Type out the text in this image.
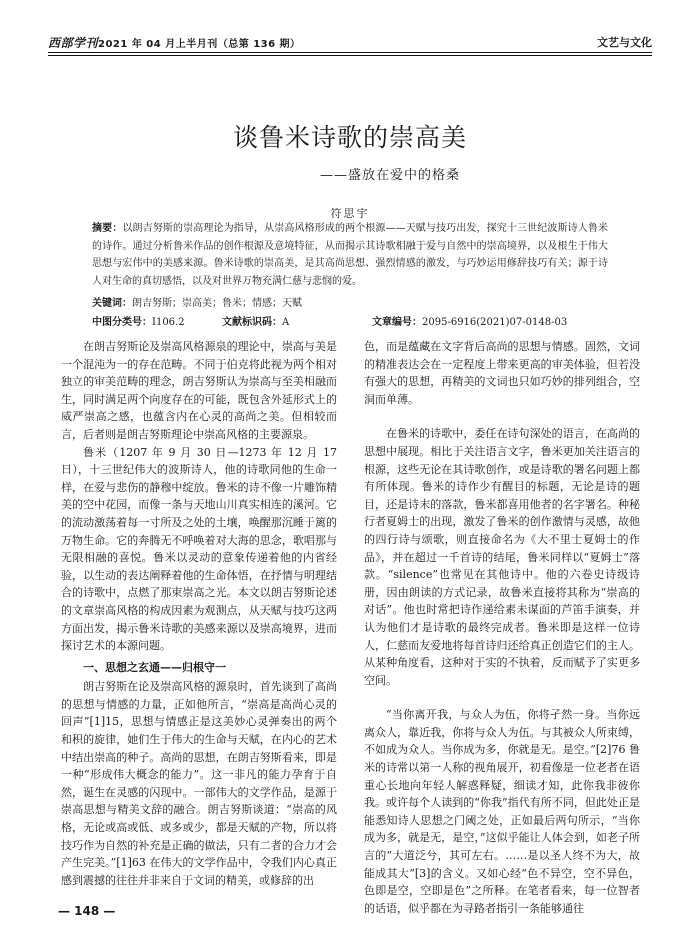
西部学刊2021 年 04 月上半月刊（总第 136 期）	文艺与文化
谈鲁米诗歌的崇高美
——盛放在爱中的格桑
符思宇
摘要：以朗吉努斯的崇高理论为指导，从崇高风格形成的两个根源——天赋与技巧出发，探究十三世纪波斯诗人鲁米的诗作。通过分析鲁米作品的创作根源及意境特征，从而揭示其诗歌相融于爱与自然中的崇高境界，以及根生于伟大思想与宏伟中的美感来源。鲁米诗歌的崇高美，是其高尚思想、强烈情感的激发，与巧妙运用修辞技巧有关；源于诗人对生命的真切感悟，以及对世界万物充满仁慈与悲悯的爱。
关键词：朗吉努斯；崇高美；鲁米；情感；天赋
中图分类号：I106.2	文献标识码：A	文章编号：2095-6916(2021)07-0148-03

在朗吉努斯论及崇高风格源泉的理论中，崇高与美是一个混沌为一的存在范畴。不同于伯克将此视为两个相对独立的审美范畴的理念，朗吉努斯认为崇高与至美相融而生，同时满足两个向度存在的可能，既包含外延形式上的威严崇高之感，也蕴含内在心灵的高尚之美。但相较而言，后者则是朗吉努斯理论中崇高风格的主要源泉。

鲁米（1207 年 9 月 30 日—1273 年 12 月 17 日），十三世纪伟大的波斯诗人，他的诗歌同他的生命一样，在爱与悲伤的静穆中绽放。鲁米的诗不像一片雕饰精美的空中花园，而像一条与天地山川真实相连的溪河。它的流动激荡着每一寸所及之处的土壤，唤醒那沉睡于篱的万物生命。它的奔腾无不呼唤着对大海的思念，歌唱那与无限相融的喜悦。鲁米以灵动的意象传递着他的内省经验，以生动的表达阐释着他的生命体悟，在抒情与明理结合的诗歌中，点燃了那束崇高之光。本文以朗吉努斯论述的文章崇高风格的构成因素为观测点，从天赋与技巧这两方面出发，揭示鲁米诗歌的美感来源以及崇高境界，进而探讨艺术的本源问题。

一、思想之玄通——归根守一

朗吉努斯在论及崇高风格的源泉时，首先谈到了高尚的思想与情感的力量，正如他所言，“崇高是高尚心灵的回声”[1]15，思想与情感正是这美妙心灵弹奏出的两个和积的旋律，她们生于伟大的生命与天赋，在内心的艺术中结出崇高的种子。高尚的思想，在朗吉努斯看来，即是一种“形成伟大概念的能力”。这一非凡的能力孕育于自然，诞生在灵感的闪现中。一部伟大的文学作品，是源于崇高思想与精美文辞的融合。朗吉努斯谈道：“崇高的风格，无论或高或低、或多或少，都是天赋的产物，所以将技巧作为自然的补充是正确的做法，只有二者的合力才会产生完美。”[1]63 在伟大的文学作品中，令我们内心真正感到震撼的往往并非来自于文词的精美，或修辞的出

色，而是蕴藏在文字背后高尚的思想与情感。固然，文词的精准表达会在一定程度上带来更高的审美体验，但若没有强大的思想，再精美的文词也只如巧妙的排列组合，空洞而单薄。

在鲁米的诗歌中，委任在诗句深处的语言，在高尚的思想中展现。相比于关注语言文字，鲁米更加关注语言的根源，这些无论在其诗歌创作，或是诗歌的署名问题上都有所体现。鲁米的诗作少有醒目的标题，无论是诗的题目，还是诗末的落款，鲁米都喜用他者的名字署名。种秘行者夏姆士的出现，激发了鲁米的创作激情与灵感，故他的四行诗与颂歌，则直接命名为《大不里士夏姆士的作品》，并在超过一千首诗的结尾，鲁米同样以“夏姆士”落款。“silence”也常见在其他诗中。他的六卷史诗级诗册，因由朗读的方式记录，故鲁米直接将其称为“崇高的对话”。他也时常把诗作递给素未谋面的芦笛手演奏，并认为他们才是诗歌的最终完成者。鲁米即是这样一位诗人，仁慈而友爱地将每首诗归还给真正创造它们的主人。从某种角度看，这种对于实的不执着，反而赋予了实更多空间。

“当你离开我，与众人为伍，你将孑然一身。当你远离众人，靠近我，你将与众人为伍。与其被众人所束缚，不如成为众人。当你成为多，你就是无。是空。”[2]76 鲁米的诗常以第一人称的视角展开，初看像是一位老者在语重心长地向年轻人解惑释疑，细读才知，此你我非彼你我。或许每个人读到的“你我”指代有所不同，但此处正是能悉知诗人思想之门阈之处，正如最后两句所示，“当你成为多，就是无，是空，”这似乎能让人体会到，如老子所言的“大道泛兮，其可左右。……是以圣人终不为大，故能成其大”[3]的含义。又如心经“色不异空，空不异色，色即是空，空即是色”之所释。在笔者看来，每一位智者的话语，似乎都在为寻路者指引一条能够通往

— 148 —
